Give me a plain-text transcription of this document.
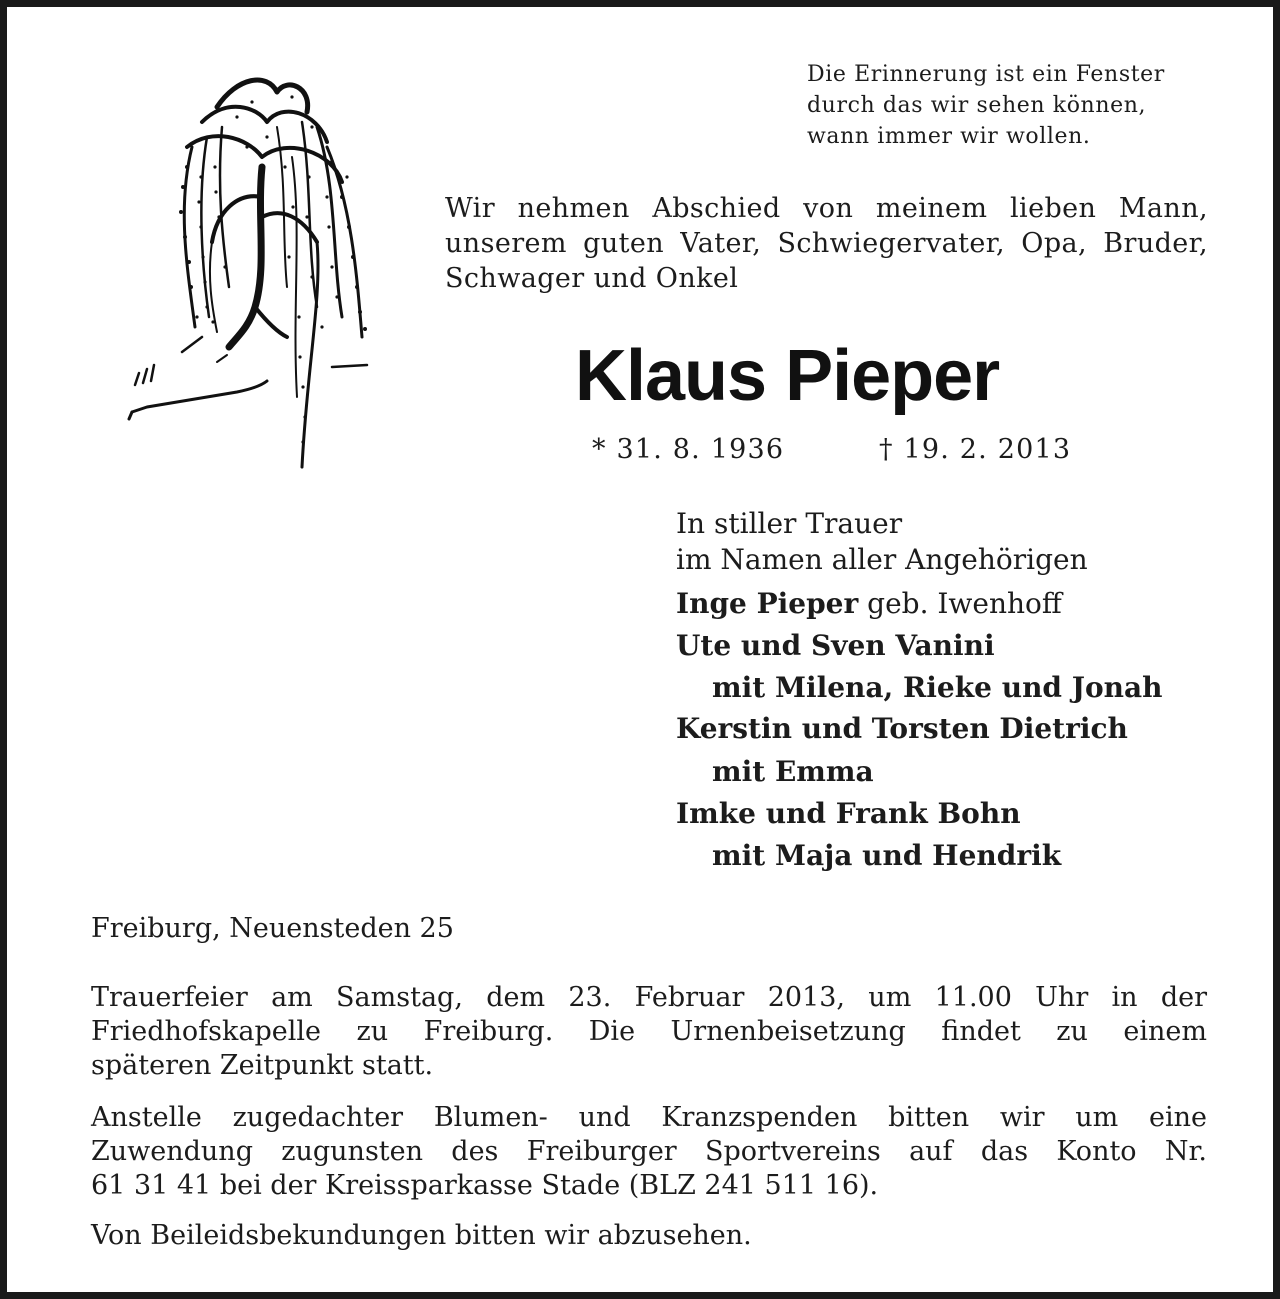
Die Erinnerung ist ein Fenster
durch das wir sehen können,
wann immer wir wollen.
Wir nehmen Abschied von meinem lieben Mann,
unserem guten Vater, Schwiegervater, Opa, Bruder,
Schwager und Onkel
Klaus Pieper
* 31. 8. 1936	† 19. 2. 2013
In stiller Trauer
im Namen aller Angehörigen
Inge Pieper geb. Iwenhoff
Ute und Sven Vanini
mit Milena, Rieke und Jonah
Kerstin und Torsten Dietrich
mit Emma
Imke und Frank Bohn
mit Maja und Hendrik
Freiburg, Neuensteden 25
Trauerfeier am Samstag, dem 23. Februar 2013, um 11.00 Uhr in der
Friedhofskapelle zu Freiburg. Die Urnenbeisetzung findet zu einem
späteren Zeitpunkt statt.
Anstelle zugedachter Blumen- und Kranzspenden bitten wir um eine
Zuwendung zugunsten des Freiburger Sportvereins auf das Konto Nr.
61 31 41 bei der Kreissparkasse Stade (BLZ 241 511 16).
Von Beileidsbekundungen bitten wir abzusehen.
